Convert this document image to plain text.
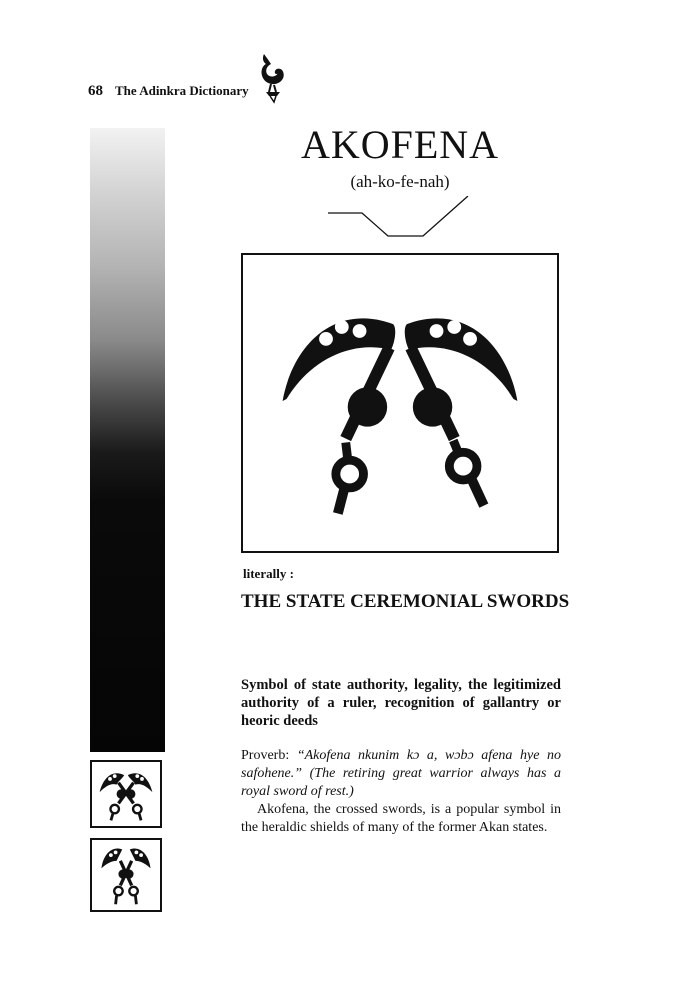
68 The Adinkra Dictionary
AKOFENA
(ah-ko-fe-nah)
literally :
THE STATE CEREMONIAL SWORDS
Symbol of state authority, legality, the legitimized authority of a ruler, recognition of gallantry or heoric deeds

Proverb: “Akofena nkunim kɔ a, wɔbɔ afena hye no safohene.” (The retiring great warrior always has a royal sword of rest.)

Akofena, the crossed swords, is a popular symbol in the heraldic shields of many of the former Akan states.
